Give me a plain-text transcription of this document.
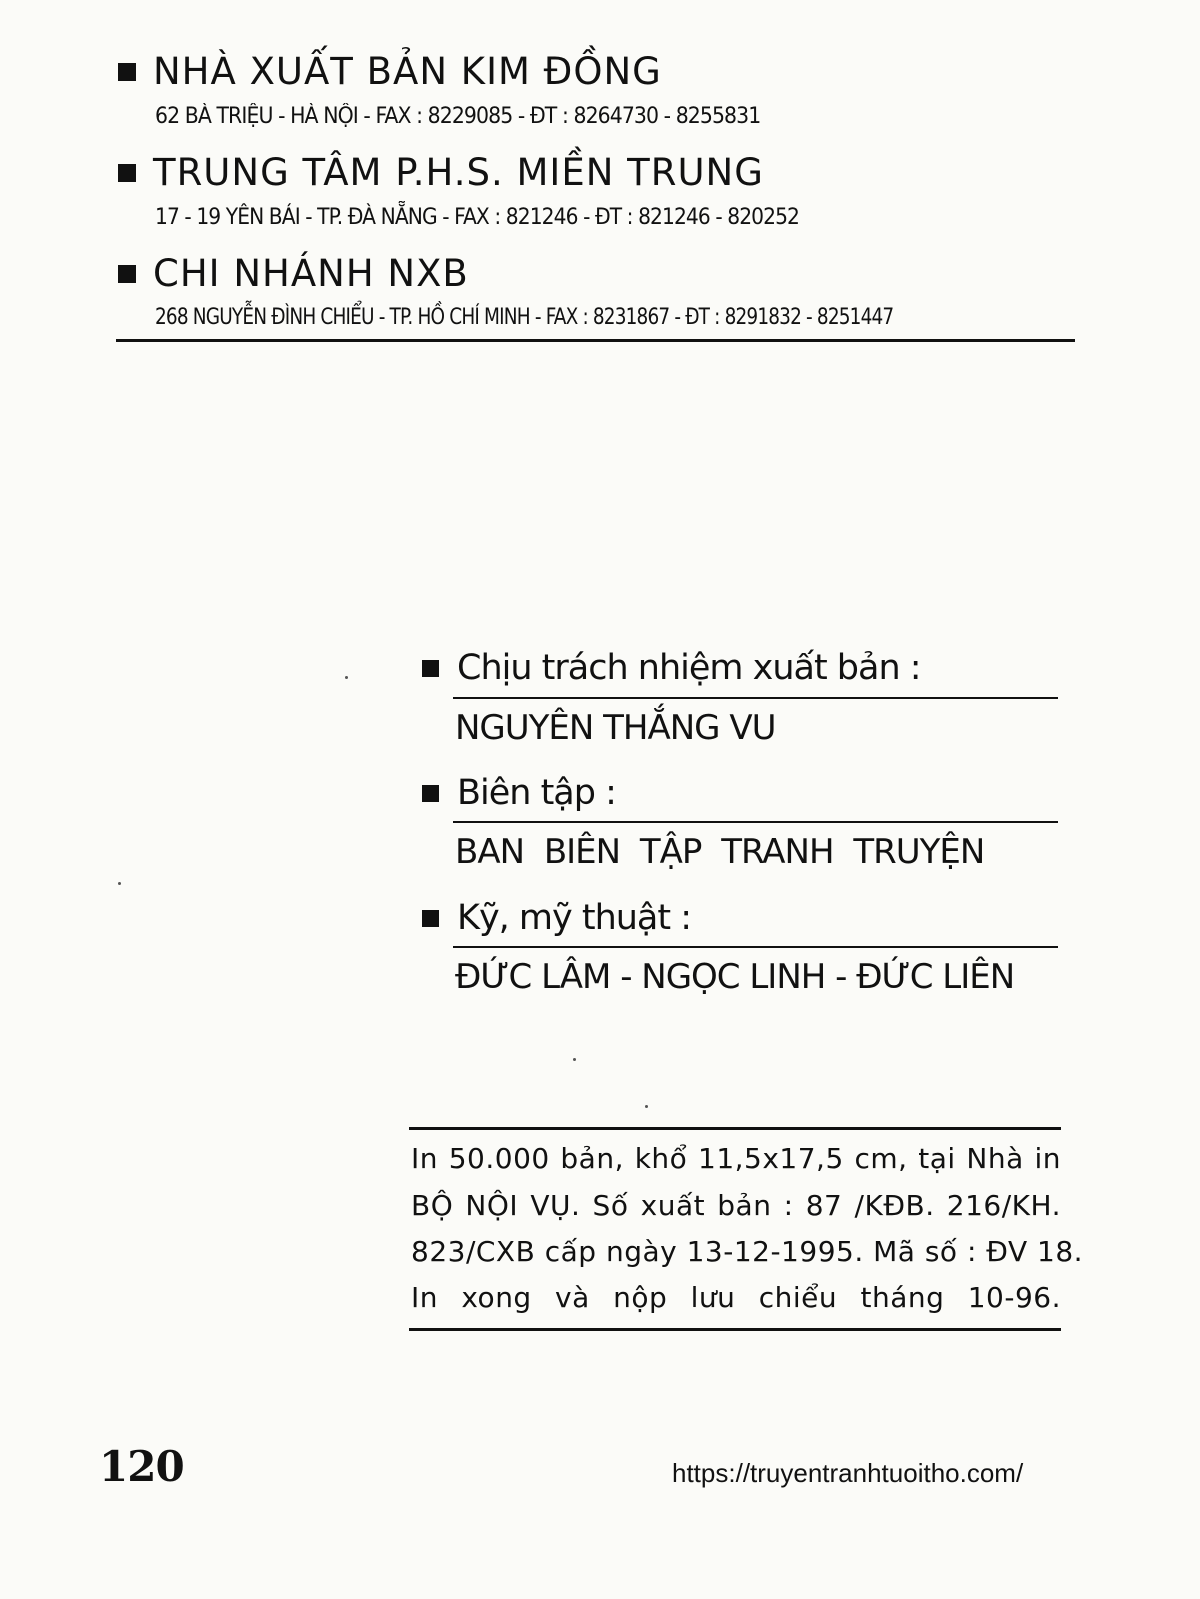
NHÀ XUẤT BẢN KIM ĐỒNG
62 BÀ TRIỆU - HÀ NỘI - FAX : 8229085 - ĐT : 8264730 - 8255831
TRUNG TÂM P.H.S. MIỀN TRUNG
17 - 19 YÊN BÁI - TP. ĐÀ NẴNG - FAX : 821246 - ĐT : 821246 - 820252
CHI NHÁNH NXB
268 NGUYỄN ĐÌNH CHIỂU - TP. HỒ CHÍ MINH - FAX : 8231867 - ĐT : 8291832 - 8251447
Chịu trách nhiệm xuất bản :
NGUYÊN THẮNG VU
Biên tập :
BAN BIÊN TẬP TRANH TRUYỆN
Kỹ, mỹ thuật :
ĐỨC LÂM - NGỌC LINH - ĐỨC LIÊN
In 50.000 bản, khổ 11,5x17,5 cm, tại Nhà in
BỘ NỘI VỤ. Số xuất bản : 87 /KĐB. 216/KH.
823/CXB cấp ngày 13-12-1995. Mã số : ĐV 18.
In xong và nộp lưu chiểu tháng 10-96.
120	https://truyentranhtuoitho.com/
